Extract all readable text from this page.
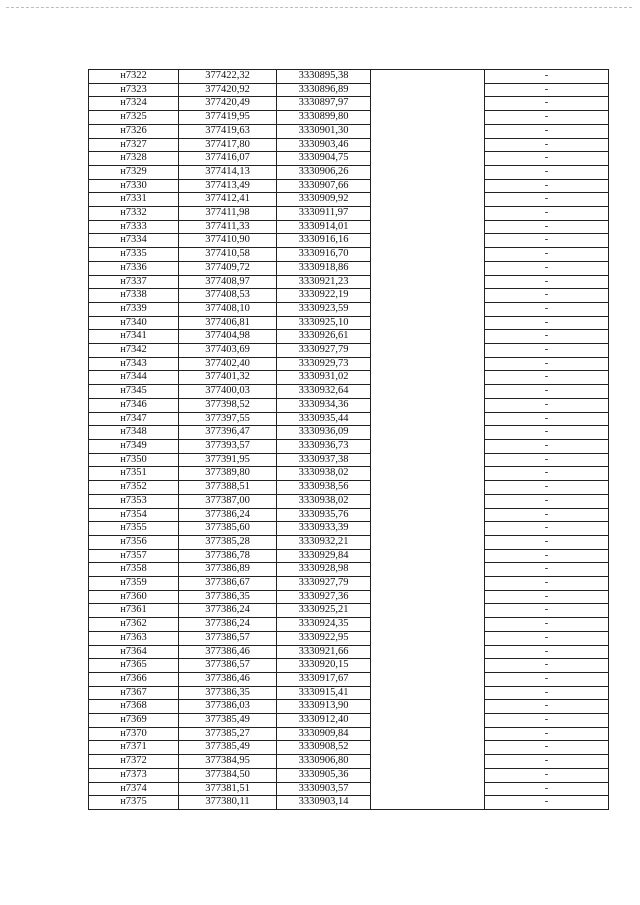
н7322	377422,32	3330895,38		-
н7323	377420,92	3330896,89		-
н7324	377420,49	3330897,97		-
н7325	377419,95	3330899,80		-
н7326	377419,63	3330901,30		-
н7327	377417,80	3330903,46		-
н7328	377416,07	3330904,75		-
н7329	377414,13	3330906,26		-
н7330	377413,49	3330907,66		-
н7331	377412,41	3330909,92		-
н7332	377411,98	3330911,97		-
н7333	377411,33	3330914,01		-
н7334	377410,90	3330916,16		-
н7335	377410,58	3330916,70		-
н7336	377409,72	3330918,86		-
н7337	377408,97	3330921,23		-
н7338	377408,53	3330922,19		-
н7339	377408,10	3330923,59		-
н7340	377406,81	3330925,10		-
н7341	377404,98	3330926,61		-
н7342	377403,69	3330927,79		-
н7343	377402,40	3330929,73		-
н7344	377401,32	3330931,02		-
н7345	377400,03	3330932,64		-
н7346	377398,52	3330934,36		-
н7347	377397,55	3330935,44		-
н7348	377396,47	3330936,09		-
н7349	377393,57	3330936,73		-
н7350	377391,95	3330937,38		-
н7351	377389,80	3330938,02		-
н7352	377388,51	3330938,56		-
н7353	377387,00	3330938,02		-
н7354	377386,24	3330935,76		-
н7355	377385,60	3330933,39		-
н7356	377385,28	3330932,21		-
н7357	377386,78	3330929,84		-
н7358	377386,89	3330928,98		-
н7359	377386,67	3330927,79		-
н7360	377386,35	3330927,36		-
н7361	377386,24	3330925,21		-
н7362	377386,24	3330924,35		-
н7363	377386,57	3330922,95		-
н7364	377386,46	3330921,66		-
н7365	377386,57	3330920,15		-
н7366	377386,46	3330917,67		-
н7367	377386,35	3330915,41		-
н7368	377386,03	3330913,90		-
н7369	377385,49	3330912,40		-
н7370	377385,27	3330909,84		-
н7371	377385,49	3330908,52		-
н7372	377384,95	3330906,80		-
н7373	377384,50	3330905,36		-
н7374	377381,51	3330903,57		-
н7375	377380,11	3330903,14		-
